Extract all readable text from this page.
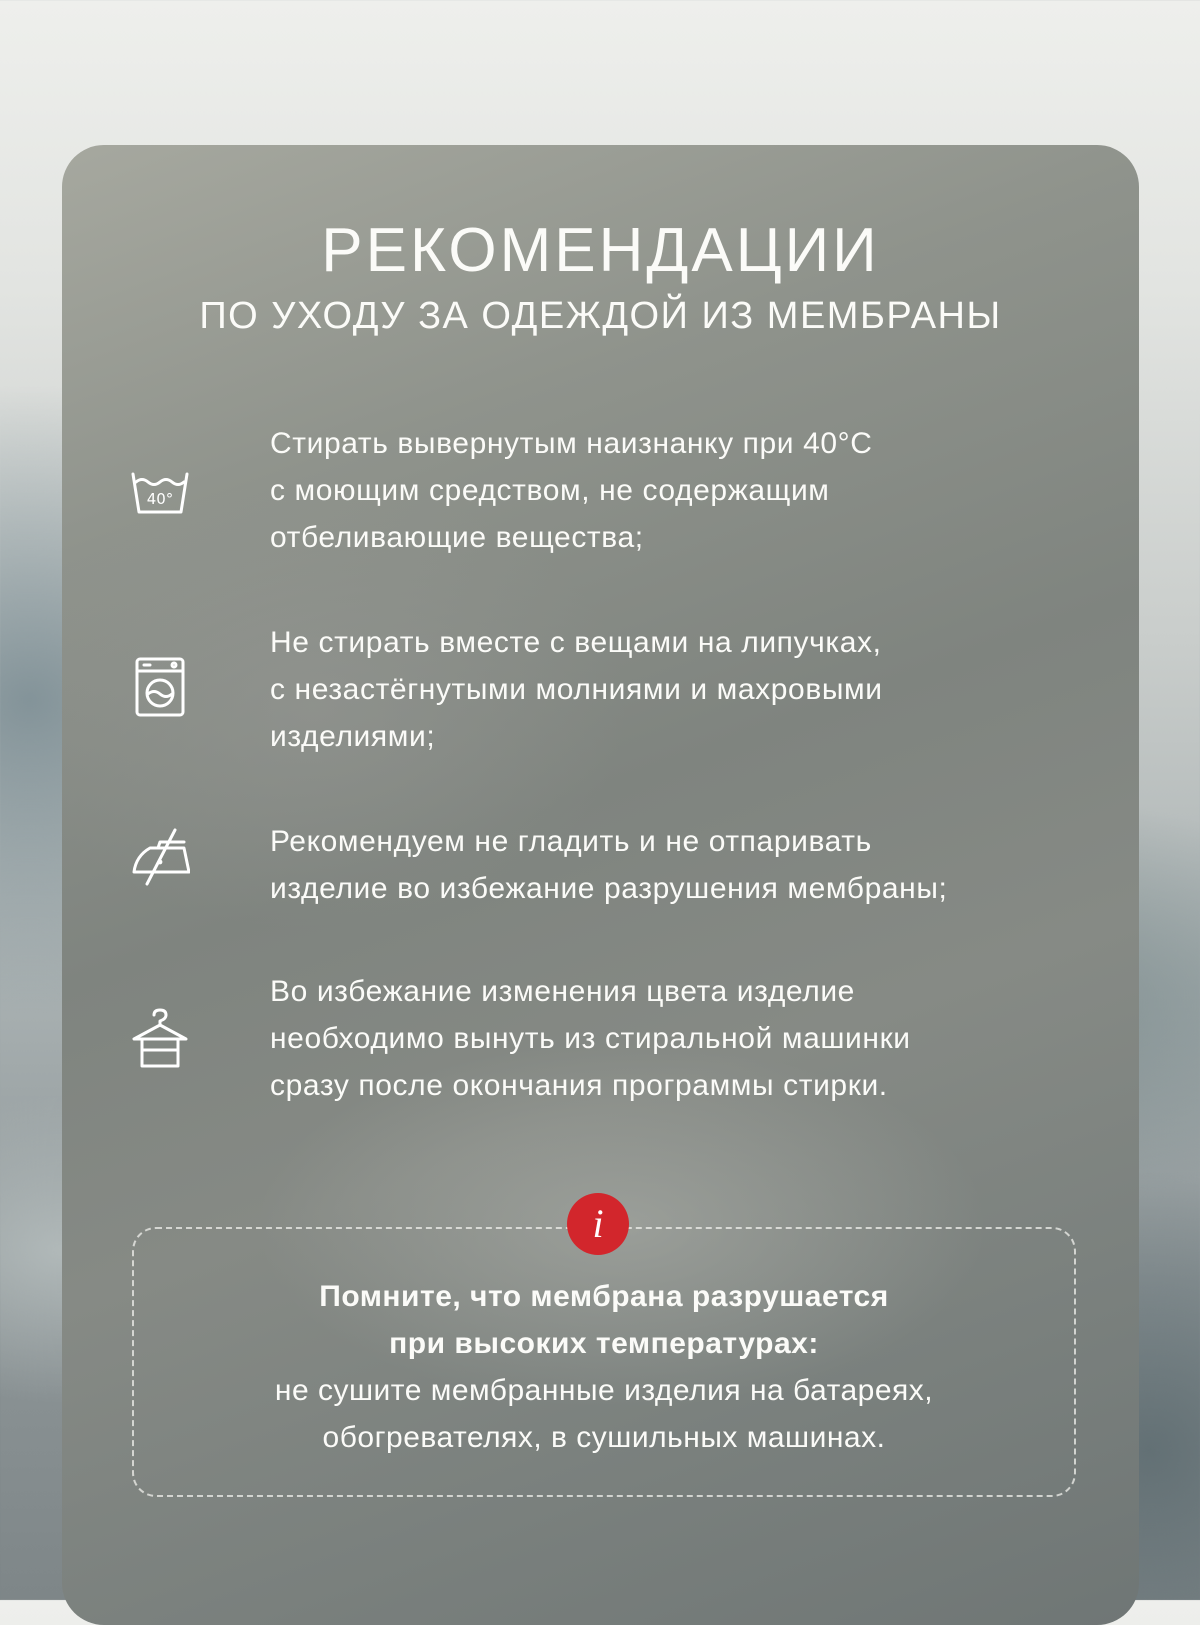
РЕКОМЕНДАЦИИ
ПО УХОДУ ЗА ОДЕЖДОЙ ИЗ МЕМБРАНЫ
40°

Стирать вывернутым наизнанку при 40°C
с моющим средством, не содержащим
отбеливающие вещества;

Не стирать вместе с вещами на липучках,
с незастёгнутыми молниями и махровыми
изделиями;

Рекомендуем не гладить и не отпаривать
изделие во избежание разрушения мембраны;

Во избежание изменения цвета изделие
необходимо вынуть из стиральной машинки
сразу после окончания программы стирки.

Помните, что мембрана разрушается
при высоких температурах:
не сушите мембранные изделия на батареях,
обогревателях, в сушильных машинах.

i
